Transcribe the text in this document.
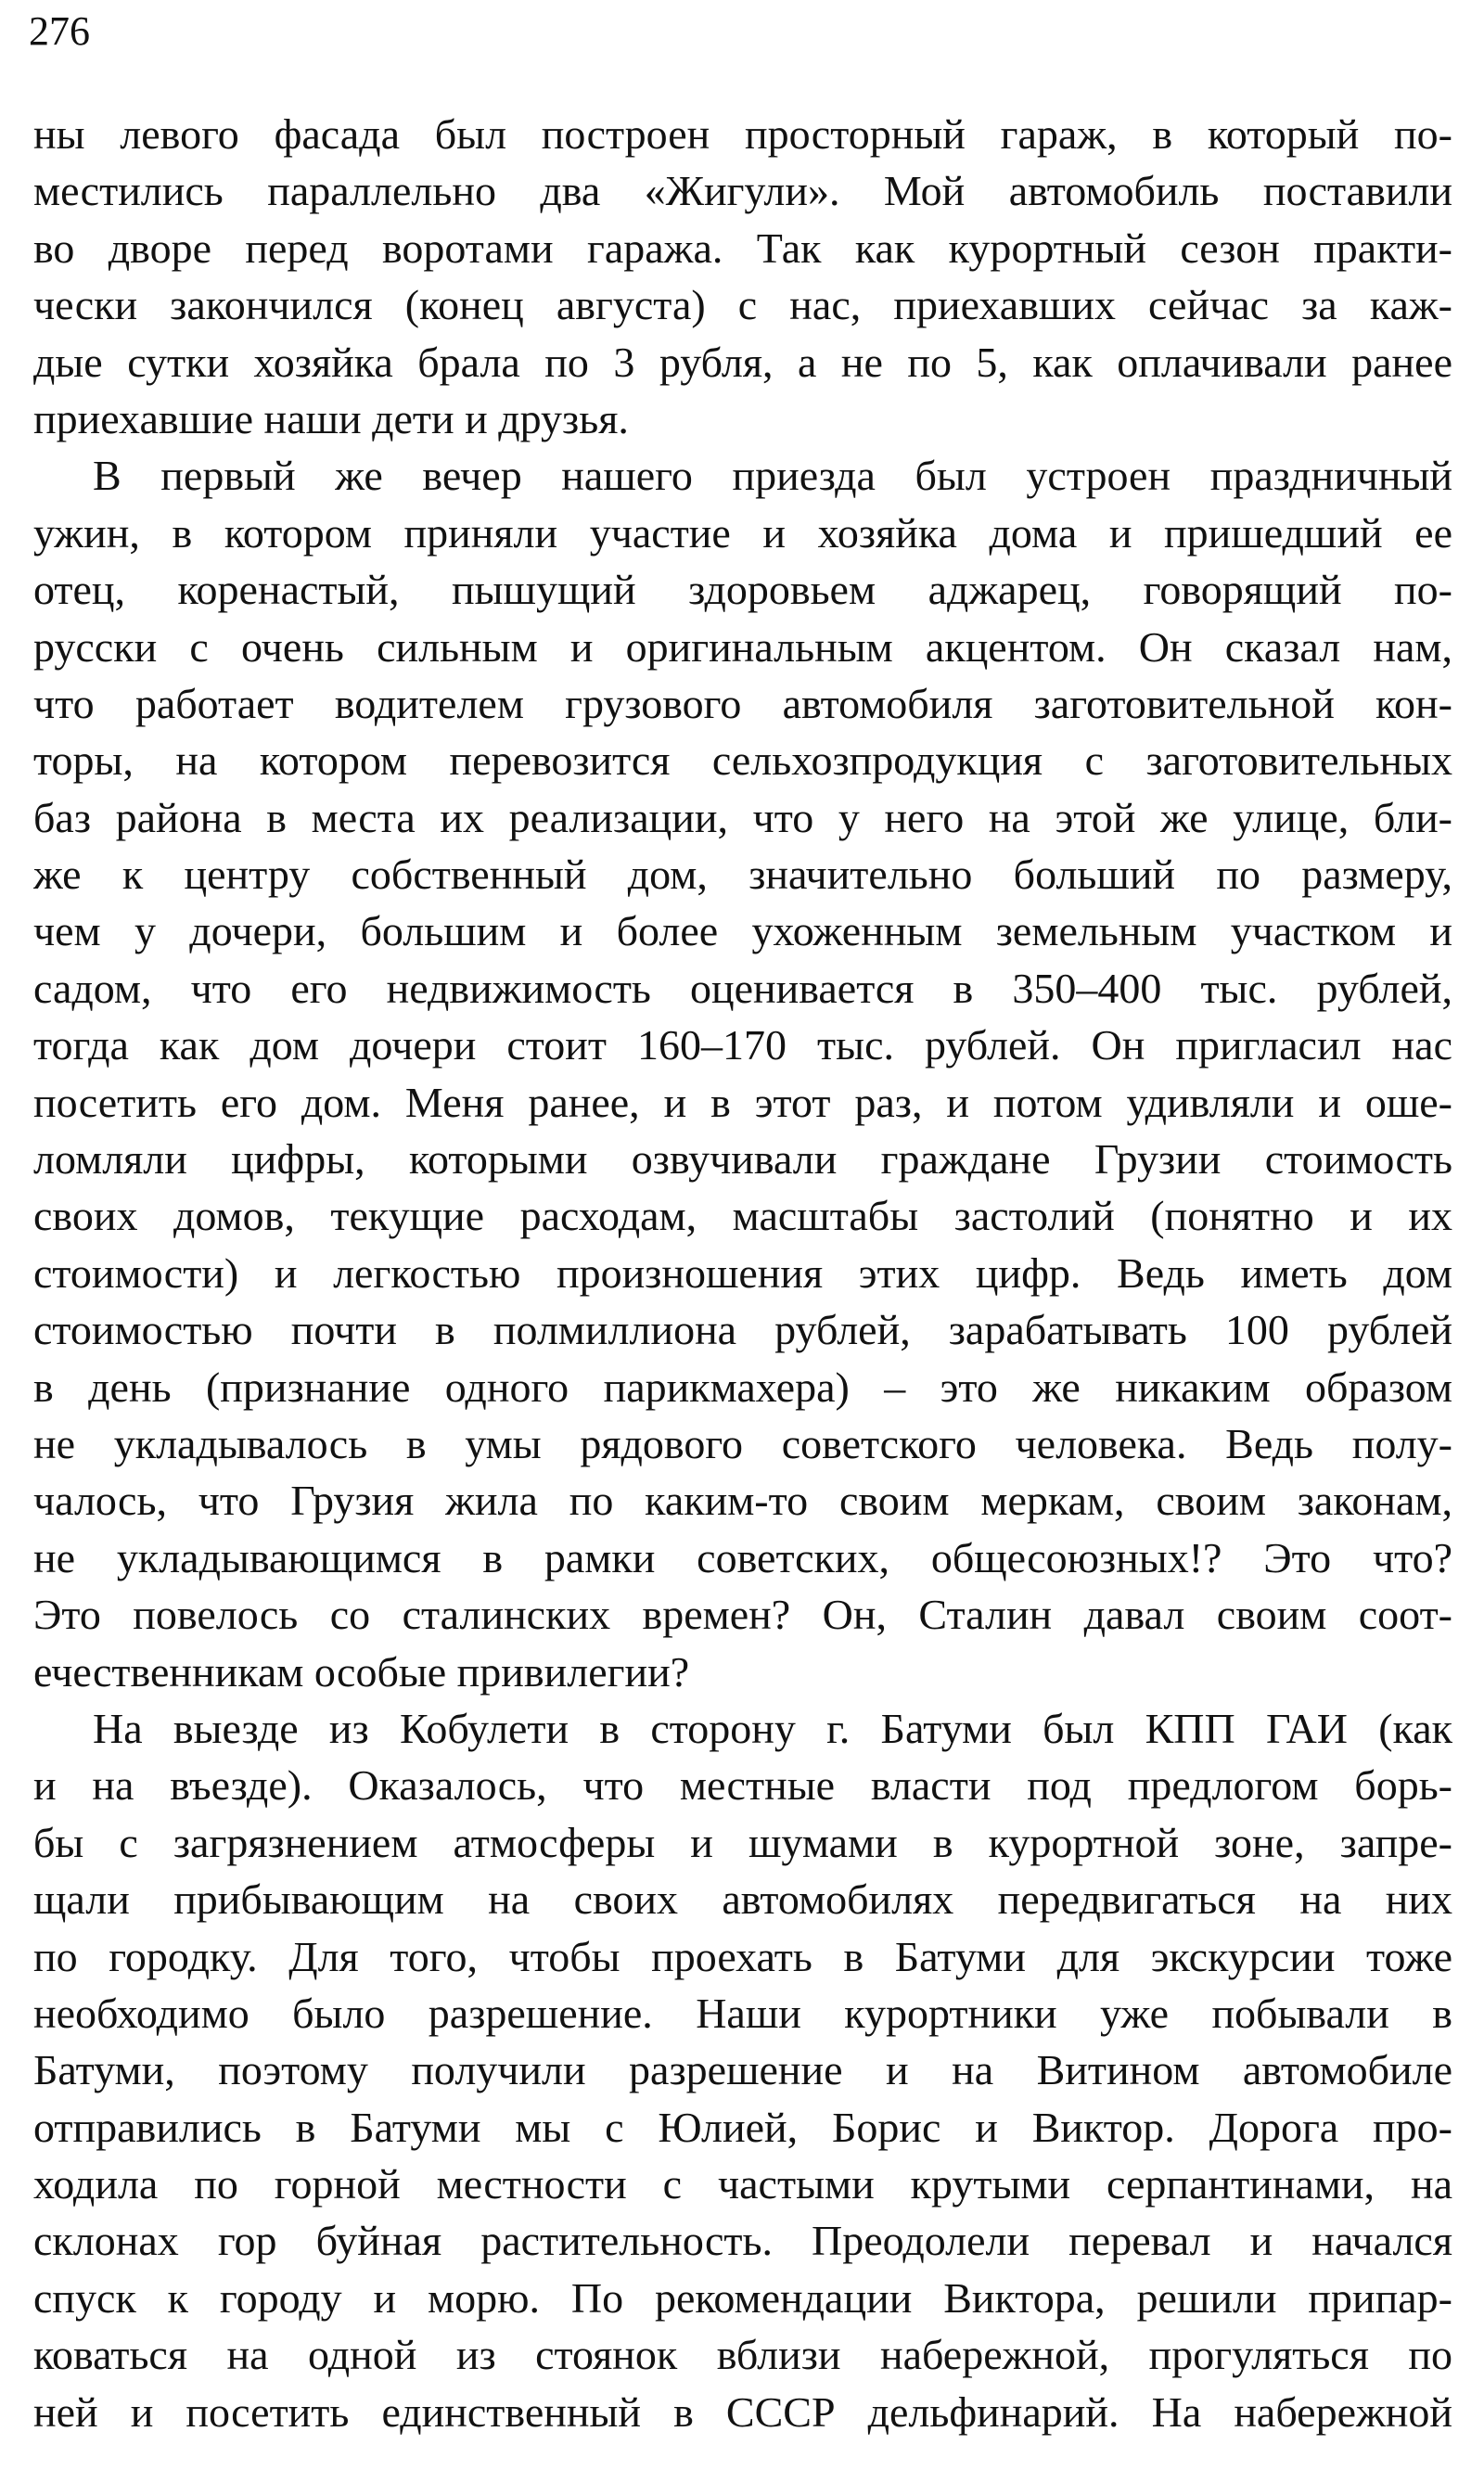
276
ны левого фасада был построен просторный гараж, в который по-
местились параллельно два «Жигули». Мой автомобиль поставили
во дворе перед воротами гаража. Так как курортный сезон практи-
чески закончился (конец августа) с нас, приехавших сейчас за каж-
дые сутки хозяйка брала по 3 рубля, а не по 5, как оплачивали ранее
приехавшие наши дети и друзья.
В первый же вечер нашего приезда был устроен праздничный
ужин, в котором приняли участие и хозяйка дома и пришедший ее
отец, коренастый, пышущий здоровьем аджарец, говорящий по-
русски с очень сильным и оригинальным акцентом. Он сказал нам,
что работает водителем грузового автомобиля заготовительной кон-
торы, на котором перевозится сельхозпродукция с заготовительных
баз района в места их реализации, что у него на этой же улице, бли-
же к центру собственный дом, значительно больший по размеру,
чем у дочери, большим и более ухоженным земельным участком и
садом, что его недвижимость оценивается в 350–400 тыс. рублей,
тогда как дом дочери стоит 160–170 тыс. рублей. Он пригласил нас
посетить его дом. Меня ранее, и в этот раз, и потом удивляли и оше-
ломляли цифры, которыми озвучивали граждане Грузии стоимость
своих домов, текущие расходам, масштабы застолий (понятно и их
стоимости) и легкостью произношения этих цифр. Ведь иметь дом
стоимостью почти в полмиллиона рублей, зарабатывать 100 рублей
в день (признание одного парикмахера) – это же никаким образом
не укладывалось в умы рядового советского человека. Ведь полу-
чалось, что Грузия жила по каким-то своим меркам, своим законам,
не укладывающимся в рамки советских, общесоюзных!? Это что?
Это повелось со сталинских времен? Он, Сталин давал своим соот-
ечественникам особые привилегии?
На выезде из Кобулети в сторону г. Батуми был КПП ГАИ (как
и на въезде). Оказалось, что местные власти под предлогом борь-
бы с загрязнением атмосферы и шумами в курортной зоне, запре-
щали прибывающим на своих автомобилях передвигаться на них
по городку. Для того, чтобы проехать в Батуми для экскурсии тоже
необходимо было разрешение. Наши курортники уже побывали в
Батуми, поэтому получили разрешение и на Витином автомобиле
отправились в Батуми мы с Юлией, Борис и Виктор. Дорога про-
ходила по горной местности с частыми крутыми серпантинами, на
склонах гор буйная растительность. Преодолели перевал и начался
спуск к городу и морю. По рекомендации Виктора, решили припар-
коваться на одной из стоянок вблизи набережной, прогуляться по
ней и посетить единственный в СССР дельфинарий. На набережной
